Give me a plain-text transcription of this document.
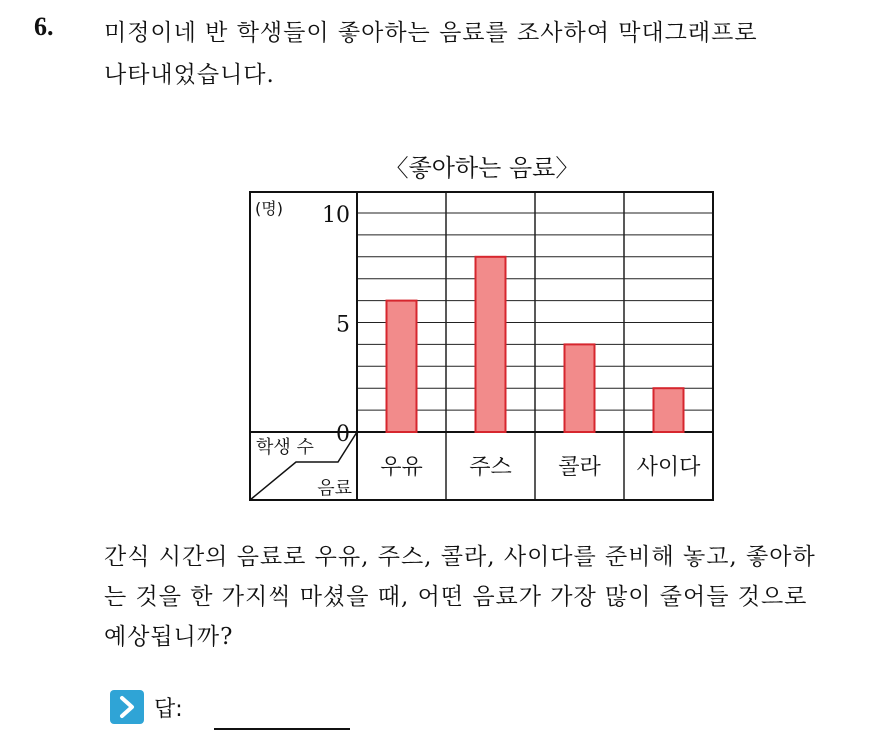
6. 미정이네 반 학생들이 좋아하는 음료를 조사하여 막대그래프로
나타내었습니다.
〈좋아하는 음료〉
우유 주스 콜라 사이다
0
5
10
(명)
학생 수
음료
간식 시간의 음료로 우유, 주스, 콜라, 사이다를 준비해 놓고, 좋아하
는 것을 한 가지씩 마셨을 때, 어떤 음료가 가장 많이 줄어들 것으로
예상됩니까?
답:
